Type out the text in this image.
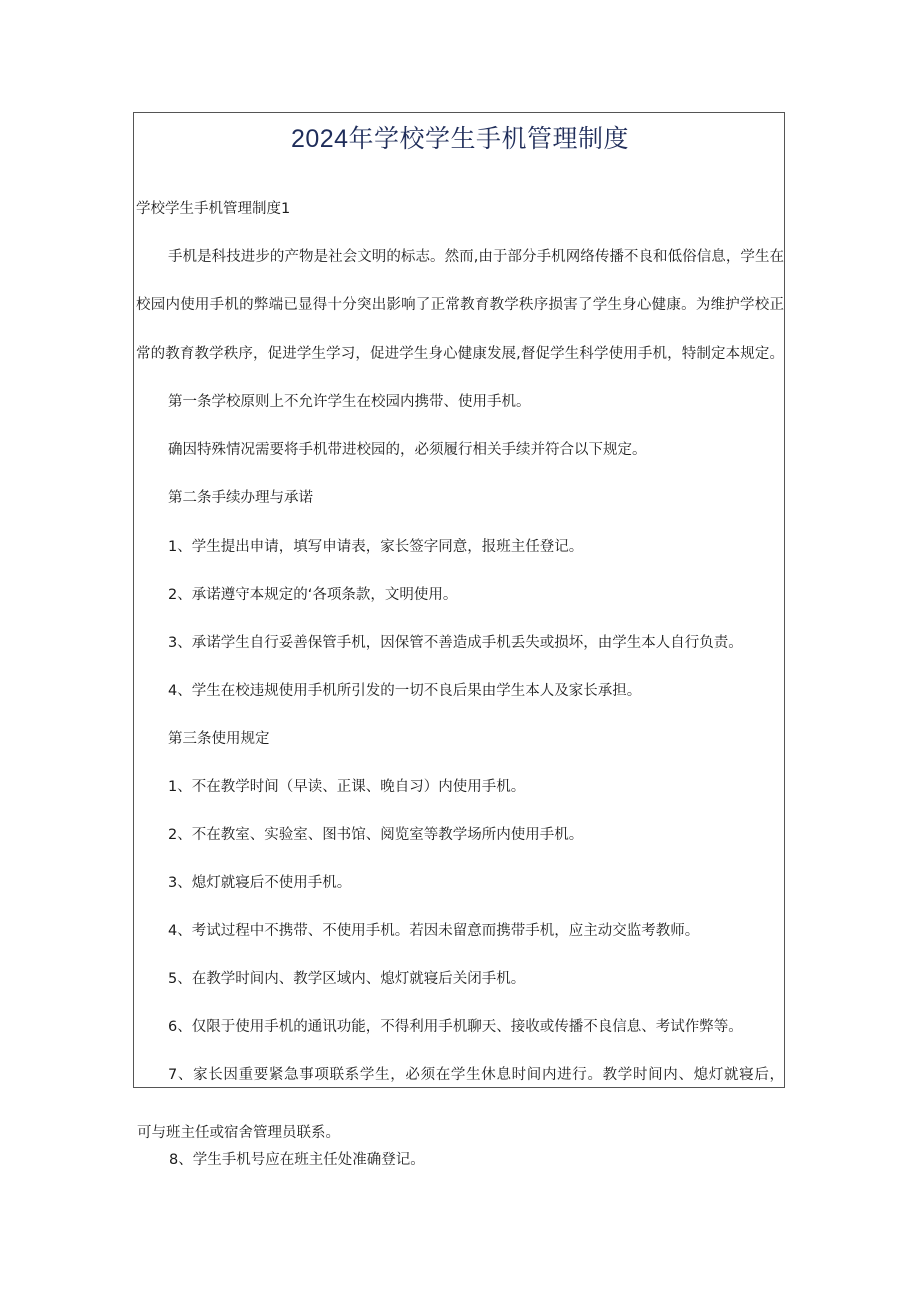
2024年学校学生手机管理制度

学校学生手机管理制度1

手机是科技进步的产物是社会文明的标志。然而,由于部分手机网络传播不良和低俗信息，学生在

校园内使用手机的弊端已显得十分突出影响了正常教育教学秩序损害了学生身心健康。为维护学校正

常的教育教学秩序，促进学生学习，促进学生身心健康发展,督促学生科学使用手机，特制定本规定。

第一条学校原则上不允许学生在校园内携带、使用手机。

确因特殊情况需要将手机带进校园的，必须履行相关手续并符合以下规定。

第二条手续办理与承诺

1、学生提出申请，填写申请表，家长签字同意，报班主任登记。

2、承诺遵守本规定的‘各项条款，文明使用。

3、承诺学生自行妥善保管手机，因保管不善造成手机丢失或损坏，由学生本人自行负责。

4、学生在校违规使用手机所引发的一切不良后果由学生本人及家长承担。

第三条使用规定

1、不在教学时间（早读、正课、晚自习）内使用手机。

2、不在教室、实验室、图书馆、阅览室等教学场所内使用手机。

3、熄灯就寝后不使用手机。

4、考试过程中不携带、不使用手机。若因未留意而携带手机，应主动交监考教师。

5、在教学时间内、教学区域内、熄灯就寝后关闭手机。

6、仅限于使用手机的通讯功能，不得利用手机聊天、接收或传播不良信息、考试作弊等。

7、家长因重要紧急事项联系学生，必须在学生休息时间内进行。教学时间内、熄灯就寝后，

可与班主任或宿舍管理员联系。

8、学生手机号应在班主任处准确登记。
